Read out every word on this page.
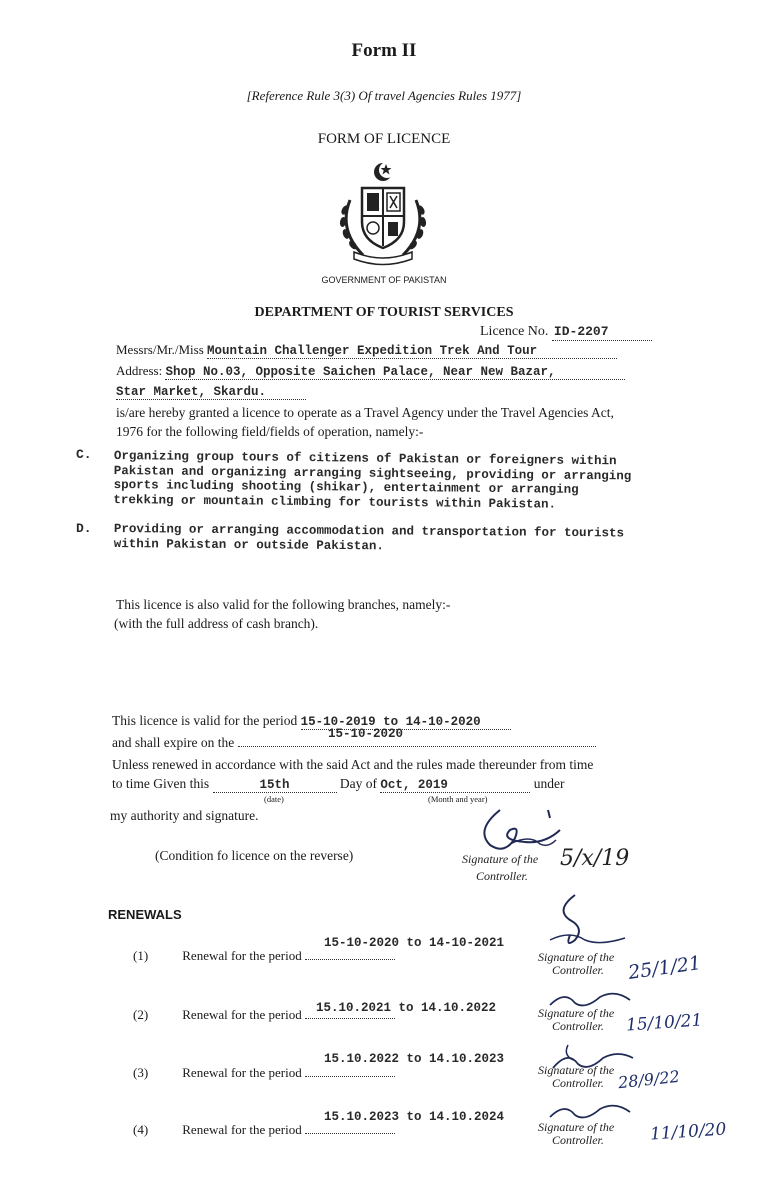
Form II
[Reference Rule 3(3) Of travel Agencies Rules 1977]
FORM OF LICENCE
GOVERNMENT OF PAKISTAN
DEPARTMENT OF TOURIST SERVICES
Licence No. ID-2207
Messrs/Mr./Miss Mountain Challenger Expedition Trek And Tour
Address: Shop No.03, Opposite Saichen Palace, Near New Bazar,
Star Market, Skardu.
is/are hereby granted a licence to operate as a Travel Agency under the Travel Agencies Act,
1976 for the following field/fields of operation, namely:-
C. Organizing group tours of citizens of Pakistan or foreigners within
Pakistan and organizing arranging sightseeing, providing or arranging
sports including shooting (shikar), entertainment or arranging
trekking or mountain climbing for tourists within Pakistan.
D. Providing or arranging accommodation and transportation for tourists
within Pakistan or outside Pakistan.
This licence is also valid for the following branches, namely:-
(with the full address of cash branch).
This licence is valid for the period 15-10-2019 to 14-10-2020
15-10-2020
and shall expire on the
Unless renewed in accordance with the said Act and the rules made thereunder from time
to time Given this	15th	Day of Oct, 2019	under
(date)	(Month and year)
my authority and signature.
(Condition fo licence on the reverse)	Signature of the
Controller.
5/x/19
RENEWALS
15-10-2020 to 14-10-2021
(1)	Renewal for the period	Signature of the
Controller.	25/1/21
15.10.2021 to 14.10.2022
(2)	Renewal for the period	Signature of the
Controller.	15/10/21
15.10.2022 to 14.10.2023
(3)	Renewal for the period	Signature of the
Controller. 28/9/22
15.10.2023 to 14.10.2024
(4)	Renewal for the period	Signature of the
Controller.	11/10/20
